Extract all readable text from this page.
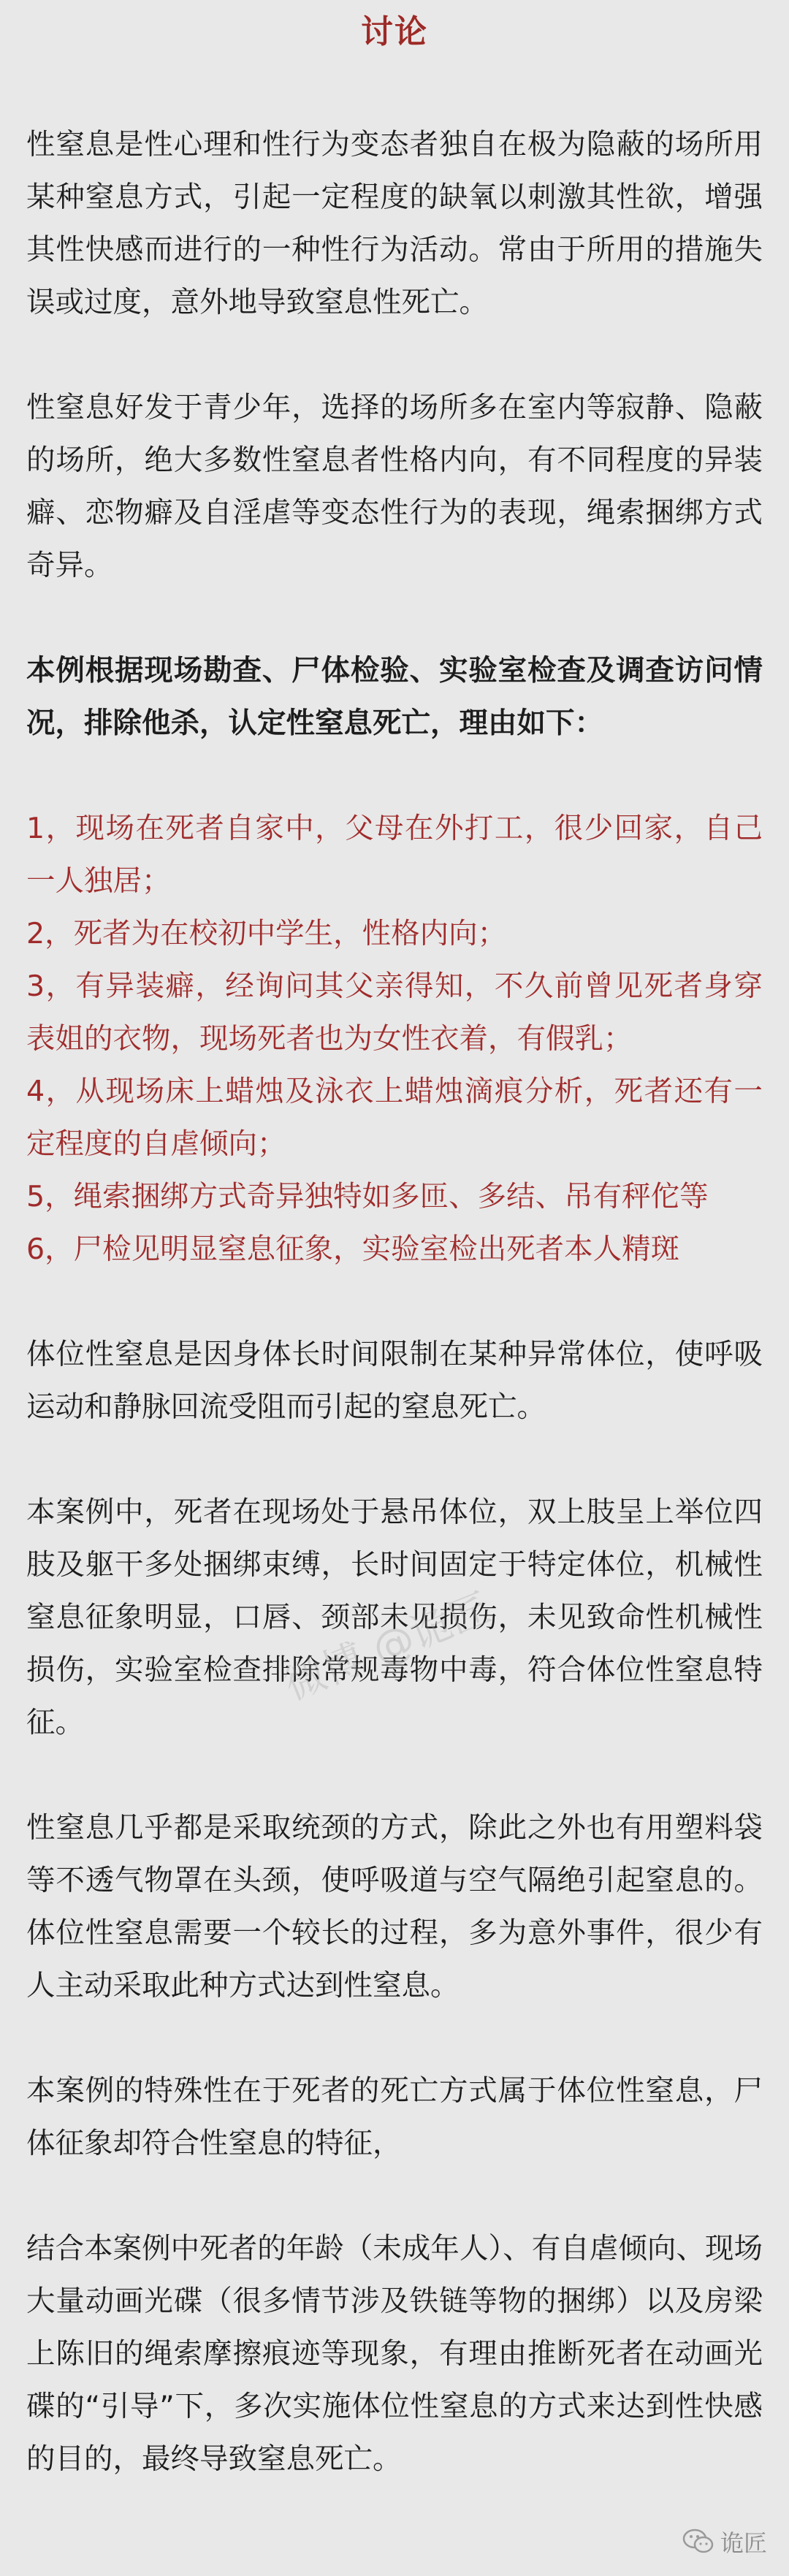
讨论

性窒息是性心理和性行为变态者独自在极为隐蔽的场所用某种窒息方式，引起一定程度的缺氧以刺激其性欲，增强其性快感而进行的一种性行为活动。常由于所用的措施失误或过度，意外地导致窒息性死亡。

性窒息好发于青少年，选择的场所多在室内等寂静、隐蔽的场所，绝大多数性窒息者性格内向，有不同程度的异装癖、恋物癖及自淫虐等变态性行为的表现，绳索捆绑方式奇异。

本例根据现场勘查、尸体检验、实验室检查及调查访问情况，排除他杀，认定性窒息死亡，理由如下：

1，现场在死者自家中，父母在外打工，很少回家，自己一人独居；
2，死者为在校初中学生，性格内向；
3，有异装癖，经询问其父亲得知，不久前曾见死者身穿表姐的衣物，现场死者也为女性衣着，有假乳；
4，从现场床上蜡烛及泳衣上蜡烛滴痕分析，死者还有一定程度的自虐倾向；
5，绳索捆绑方式奇异独特如多匝、多结、吊有秤佗等
6，尸检见明显窒息征象，实验室检出死者本人精斑

体位性窒息是因身体长时间限制在某种异常体位，使呼吸运动和静脉回流受阻而引起的窒息死亡。

本案例中，死者在现场处于悬吊体位，双上肢呈上举位四肢及躯干多处捆绑束缚，长时间固定于特定体位，机械性窒息征象明显，口唇、颈部未见损伤，未见致命性机械性损伤，实验室检查排除常规毒物中毒，符合体位性窒息特征。

性窒息几乎都是采取统颈的方式，除此之外也有用塑料袋等不透气物罩在头颈，使呼吸道与空气隔绝引起窒息的。体位性窒息需要一个较长的过程，多为意外事件，很少有人主动采取此种方式达到性窒息。

本案例的特殊性在于死者的死亡方式属于体位性窒息，尸体征象却符合性窒息的特征，

结合本案例中死者的年龄（未成年人）、有自虐倾向、现场大量动画光碟（很多情节涉及铁链等物的捆绑）以及房梁上陈旧的绳索摩擦痕迹等现象，有理由推断死者在动画光碟的“引导”下，多次实施体位性窒息的方式来达到性快感的目的，最终导致窒息死亡。

微博 @诡匠
诡匠
